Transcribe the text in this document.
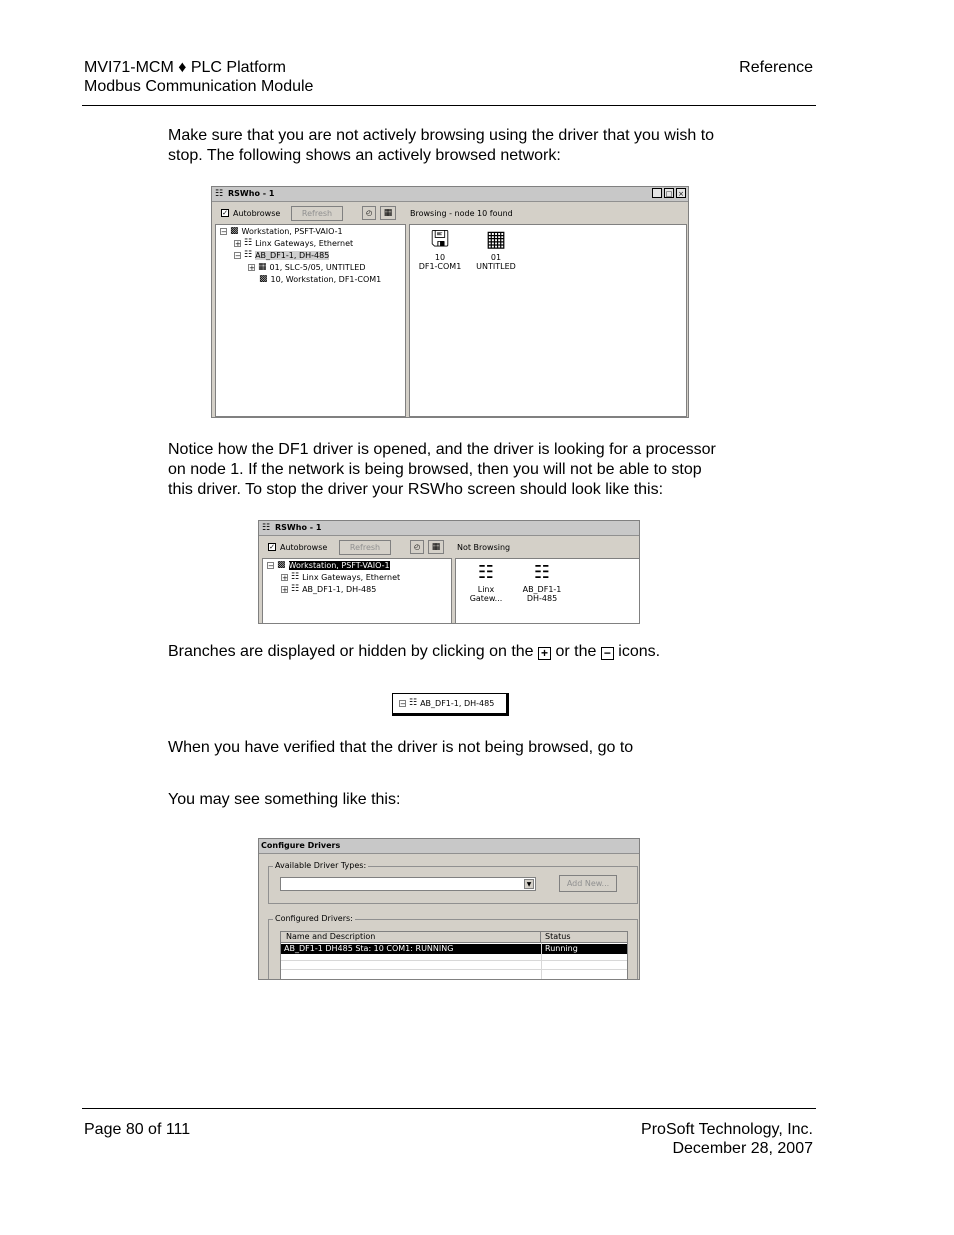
MVI71-MCM ♦ PLC Platform
Modbus Communication Module
Reference
Make sure that you are not actively browsing using the driver that you wish to
stop. The following shows an actively browsed network:
☷ RSWho - 1	_ □ ×
✓ Autobrowse	Refresh	◴	▦	Browsing - node 10 found
− ▩ Workstation, PSFT-VAIO-1
+ ☷ Linx Gateways, Ethernet
− ☷ AB_DF1-1, DH-485
+ ▦ 01, SLC-5/05, UNTITLED
▩ 10, Workstation, DF1-COM1
🖫
10
DF1-COM1
▦
01
UNTITLED
Notice how the DF1 driver is opened, and the driver is looking for a processor
on node 1. If the network is being browsed, then you will not be able to stop
this driver. To stop the driver your RSWho screen should look like this:
☷ RSWho - 1
✓ Autobrowse	Refresh	◴	▦	Not Browsing
− ▩ Workstation, PSFT-VAIO-1
+ ☷ Linx Gateways, Ethernet
+ ☷ AB_DF1-1, DH-485
☷
Linx
Gatew...
☷
AB_DF1-1
DH-485
Branches are displayed or hidden by clicking on the + or the − icons.
− ☷ AB_DF1-1, DH-485
When you have verified that the driver is not being browsed, go to
You may see something like this:
Configure Drivers
Available Driver Types:
▼	Add New...
Configured Drivers:
Name and Description	Status
AB_DF1-1 DH485 Sta: 10 COM1: RUNNING	Running
Page 80 of 111	ProSoft Technology, Inc.
December 28, 2007
